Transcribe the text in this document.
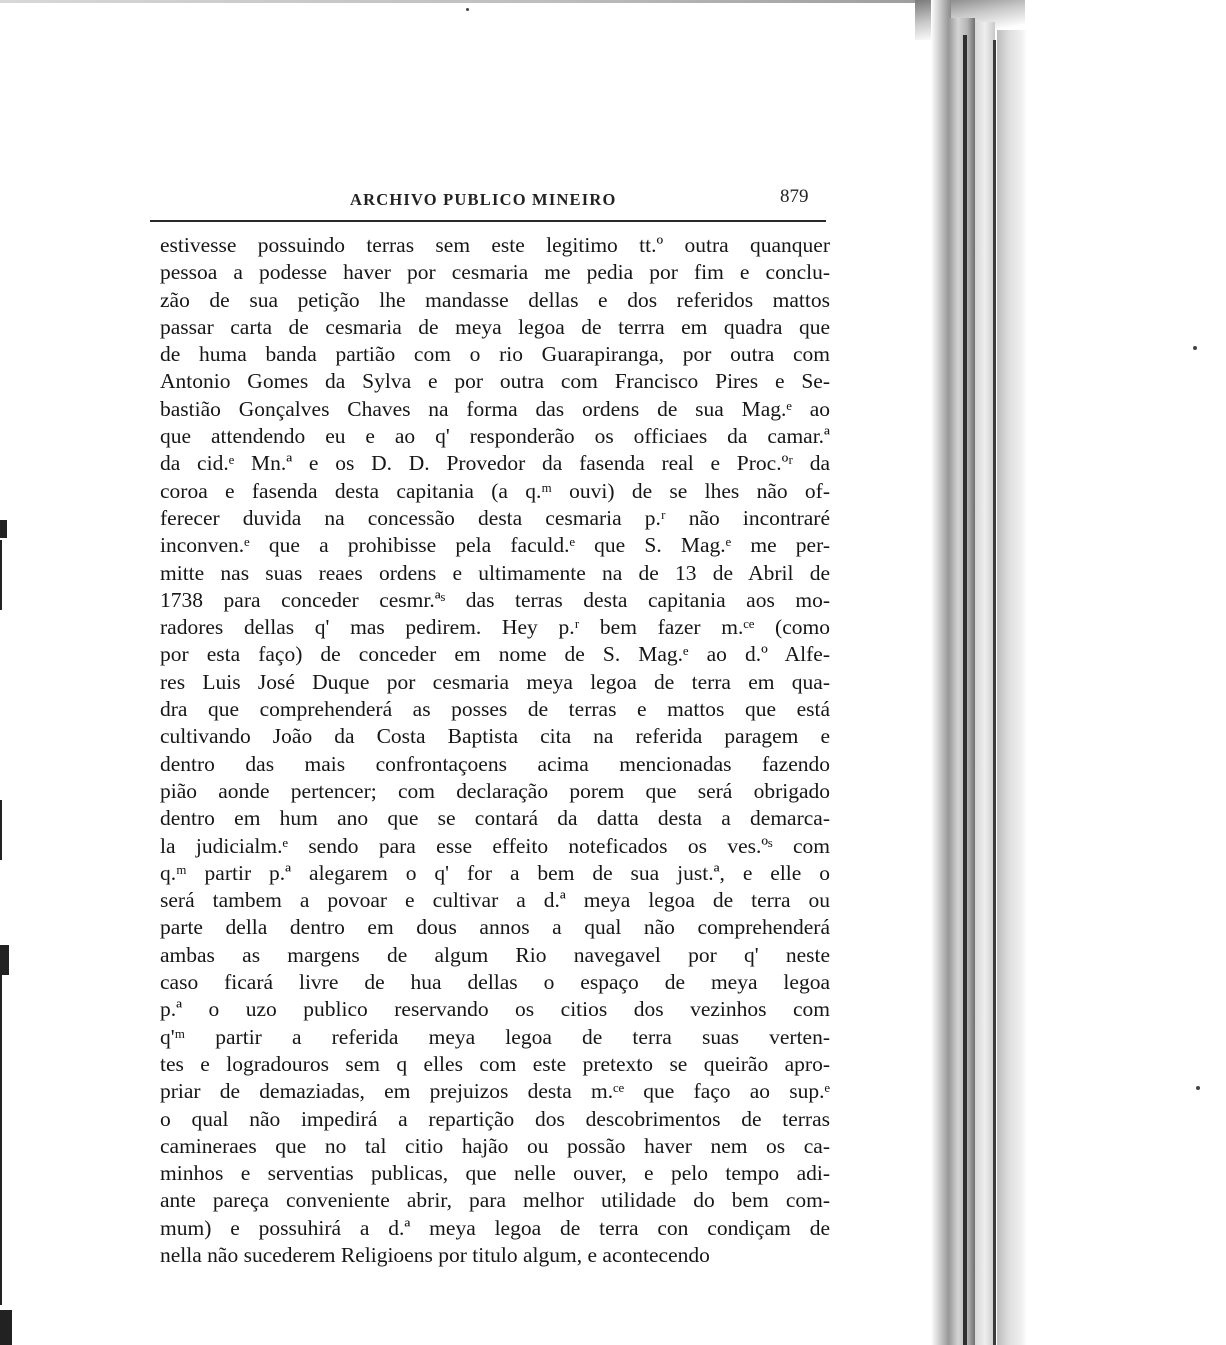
ARCHIVO PUBLICO MINEIRO	879
estivesse possuindo terras sem este legitimo tt.º outra quanquer
pessoa a podesse haver por cesmaria me pedia por fim e conclu-
zão de sua petição lhe mandasse dellas e dos referidos mattos
passar carta de cesmaria de meya legoa de terrra em quadra que
de huma banda partião com o rio Guarapiranga, por outra com
Antonio Gomes da Sylva e por outra com Francisco Pires e Se-
bastião Gonçalves Chaves na forma das ordens de sua Mag.ᵉ ao
que attendendo eu e ao q' responderão os officiaes da camar.ª
da cid.ᵉ Mn.ª e os D. D. Provedor da fasenda real e Proc.ºʳ da
coroa e fasenda desta capitania (a q.ᵐ ouvi) de se lhes não of-
ferecer duvida na concessão desta cesmaria p.ʳ não incontraré
inconven.ᵉ que a prohibisse pela faculd.ᵉ que S. Mag.ᵉ me per-
mitte nas suas reaes ordens e ultimamente na de 13 de Abril de
1738 para conceder cesmr.ªˢ das terras desta capitania aos mo-
radores dellas q' mas pedirem. Hey p.ʳ bem fazer m.ᶜᵉ (como
por esta faço) de conceder em nome de S. Mag.ᵉ ao d.º Alfe-
res Luis José Duque por cesmaria meya legoa de terra em qua-
dra que comprehenderá as posses de terras e mattos que está
cultivando João da Costa Baptista cita na referida paragem e
dentro das mais confrontaçoens acima mencionadas fazendo
pião aonde pertencer; com declaração porem que será obrigado
dentro em hum ano que se contará da datta desta a demarca-
la judicialm.ᵉ sendo para esse effeito noteficados os ves.ºˢ com
q.ᵐ partir p.ª alegarem o q' for a bem de sua just.ª, e elle o
será tambem a povoar e cultivar a d.ª meya legoa de terra ou
parte della dentro em dous annos a qual não comprehenderá
ambas as margens de algum Rio navegavel por q' neste
caso ficará livre de hua dellas o espaço de meya legoa
p.ª o uzo publico reservando os citios dos vezinhos com
q'ᵐ partir a referida meya legoa de terra suas verten-
tes e logradouros sem q elles com este pretexto se queirão apro-
priar de demaziadas, em prejuizos desta m.ᶜᵉ que faço ao sup.ᵉ
o qual não impedirá a repartição dos descobrimentos de terras
camineraes que no tal citio hajão ou possão haver nem os ca-
minhos e serventias publicas, que nelle ouver, e pelo tempo adi-
ante pareça conveniente abrir, para melhor utilidade do bem com-
mum) e possuhirá a d.ª meya legoa de terra con condiçam de
nella não sucederem Religioens por titulo algum, e acontecendo
